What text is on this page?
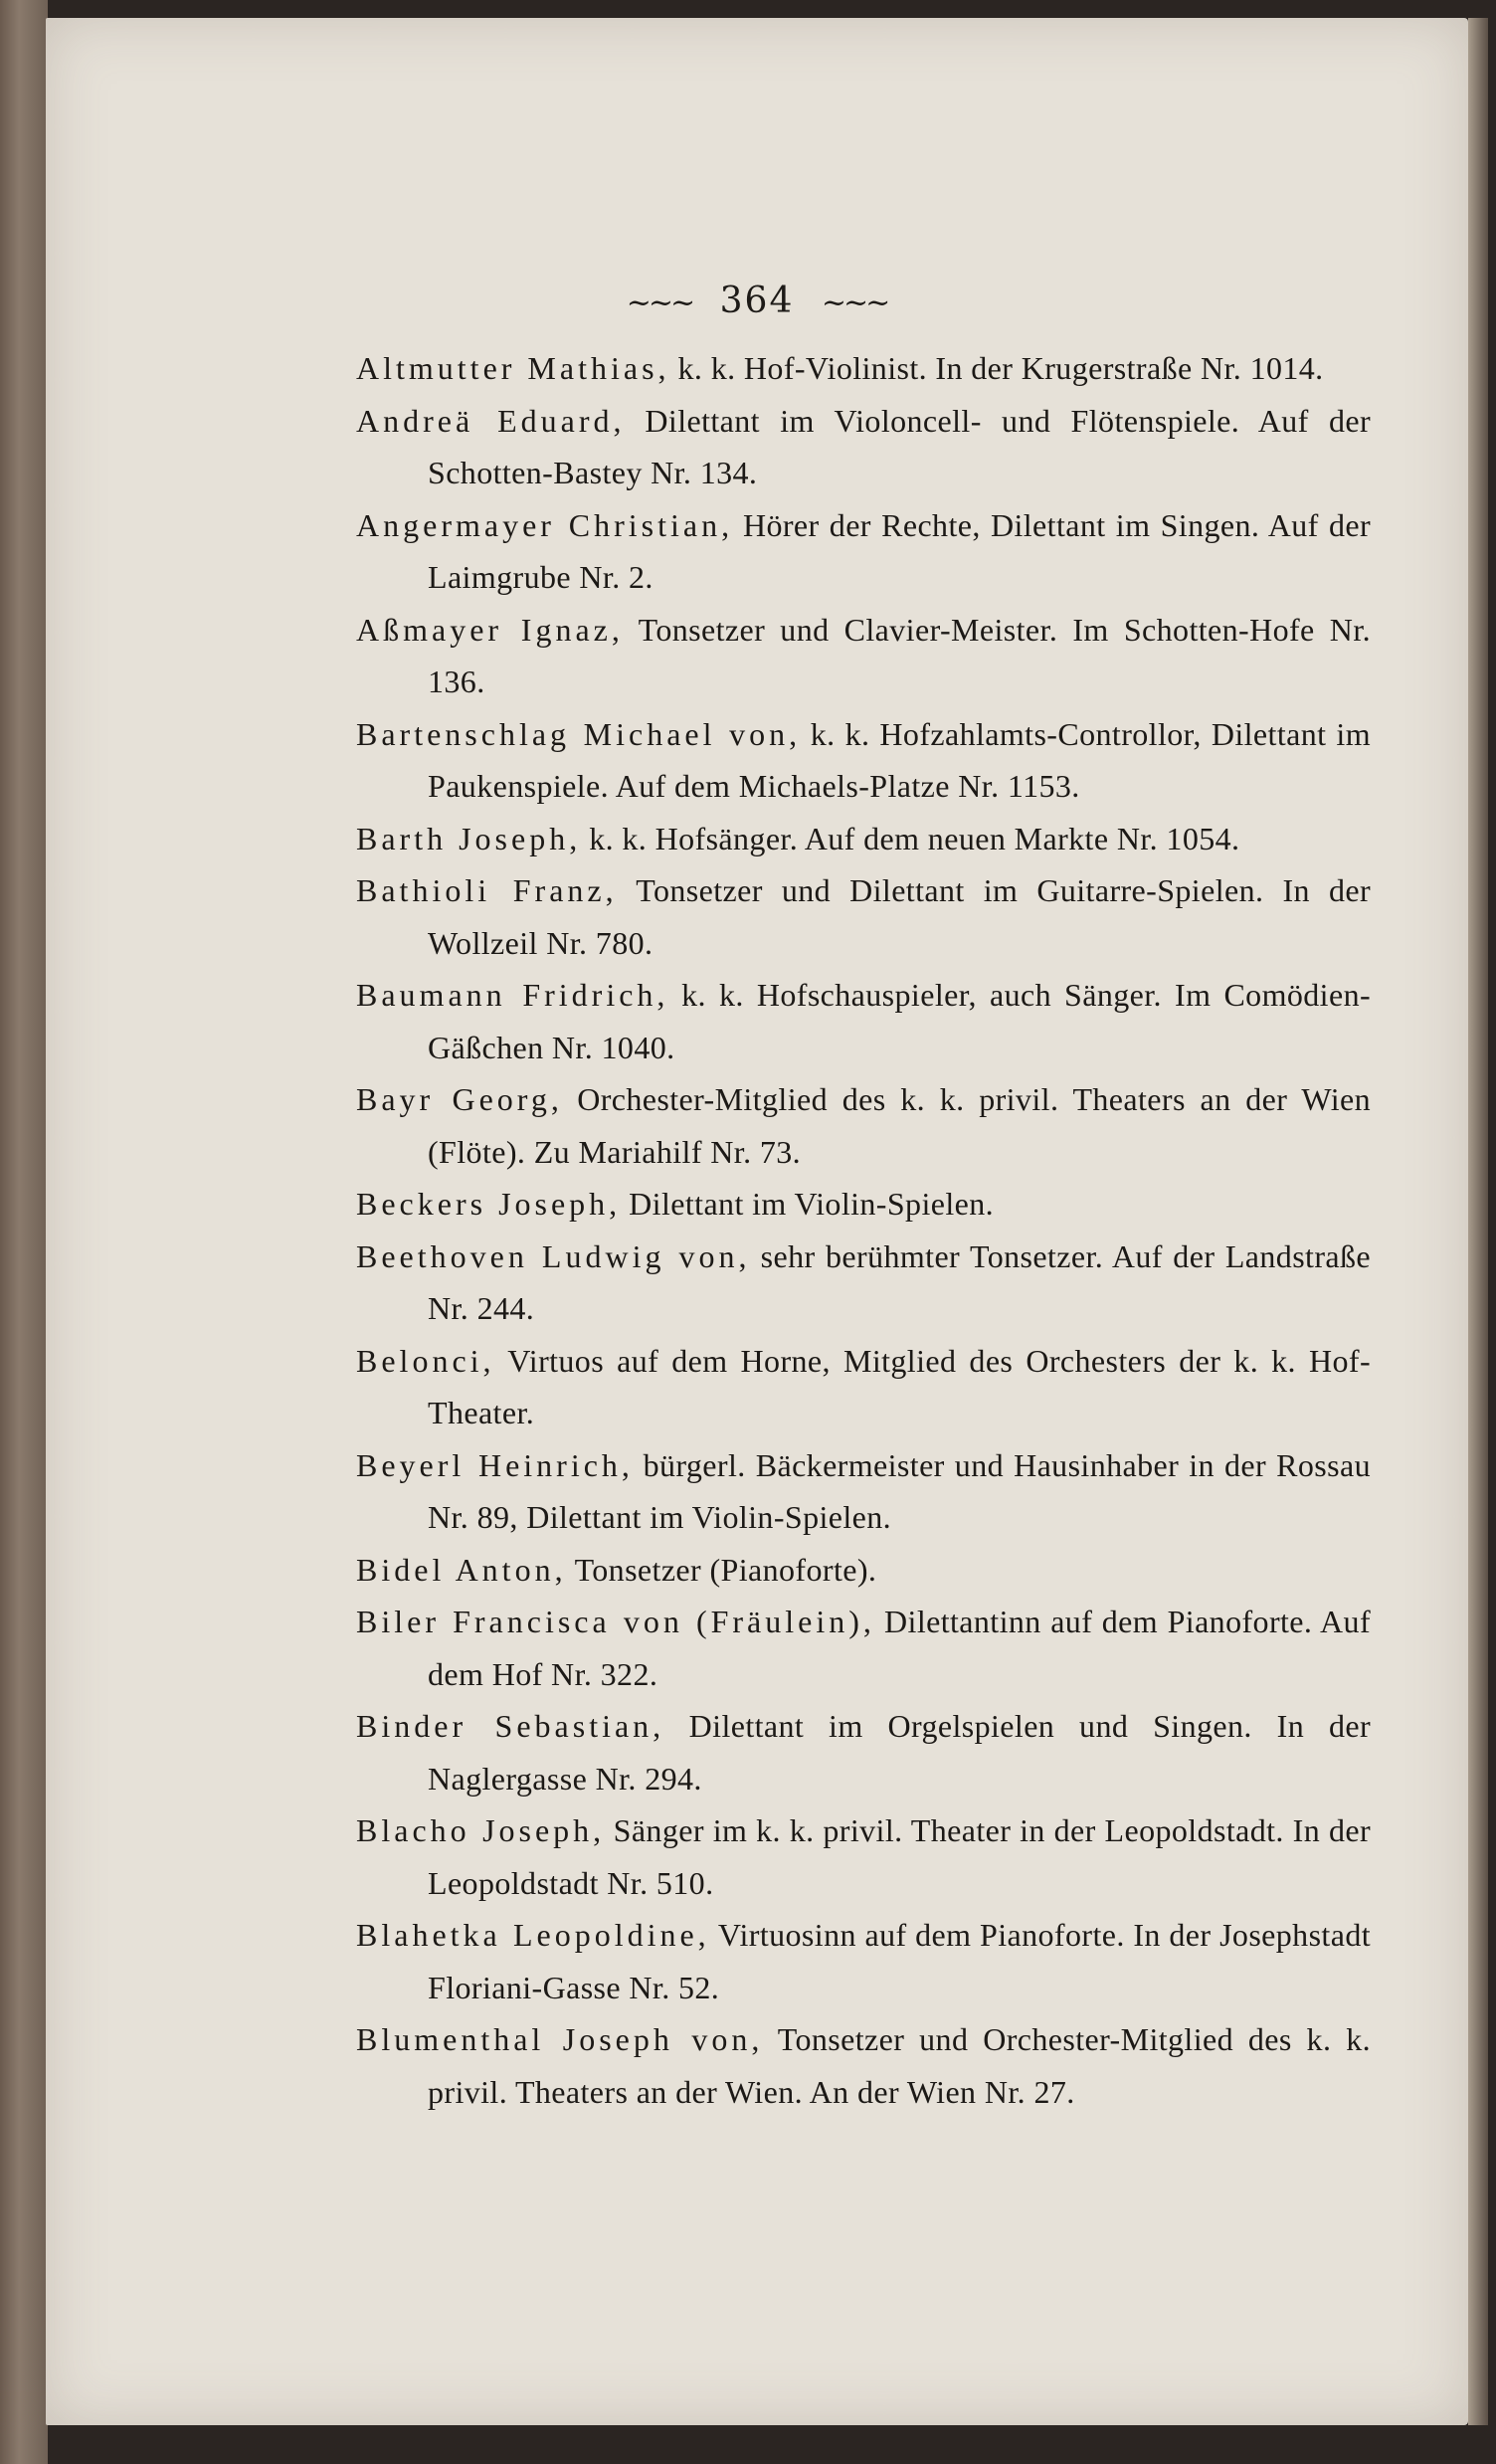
~~~ 364 ~~~

Altmutter Mathias, k. k. Hof-Violinist. In der Krugerstraße Nr. 1014.

Andreä Eduard, Dilettant im Violoncell- und Flötenspiele. Auf der Schotten-Bastey Nr. 134.

Angermayer Christian, Hörer der Rechte, Dilettant im Singen. Auf der Laimgrube Nr. 2.

Aßmayer Ignaz, Tonsetzer und Clavier-Meister. Im Schotten-Hofe Nr. 136.

Bartenschlag Michael von, k. k. Hofzahlamts-Controllor, Dilettant im Paukenspiele. Auf dem Michaels-Platze Nr. 1153.

Barth Joseph, k. k. Hofsänger. Auf dem neuen Markte Nr. 1054.

Bathioli Franz, Tonsetzer und Dilettant im Guitarre-Spielen. In der Wollzeil Nr. 780.

Baumann Fridrich, k. k. Hofschauspieler, auch Sänger. Im Comödien-Gäßchen Nr. 1040.

Bayr Georg, Orchester-Mitglied des k. k. privil. Theaters an der Wien (Flöte). Zu Mariahilf Nr. 73.

Beckers Joseph, Dilettant im Violin-Spielen.

Beethoven Ludwig von, sehr berühmter Tonsetzer. Auf der Landstraße Nr. 244.

Belonci, Virtuos auf dem Horne, Mitglied des Orchesters der k. k. Hof-Theater.

Beyerl Heinrich, bürgerl. Bäckermeister und Hausinhaber in der Rossau Nr. 89, Dilettant im Violin-Spielen.

Bidel Anton, Tonsetzer (Pianoforte).

Biler Francisca von (Fräulein), Dilettantinn auf dem Pianoforte. Auf dem Hof Nr. 322.

Binder Sebastian, Dilettant im Orgelspielen und Singen. In der Naglergasse Nr. 294.

Blacho Joseph, Sänger im k. k. privil. Theater in der Leopoldstadt. In der Leopoldstadt Nr. 510.

Blahetka Leopoldine, Virtuosinn auf dem Pianoforte. In der Josephstadt Floriani-Gasse Nr. 52.

Blumenthal Joseph von, Tonsetzer und Orchester-Mitglied des k. k. privil. Theaters an der Wien. An der Wien Nr. 27.
